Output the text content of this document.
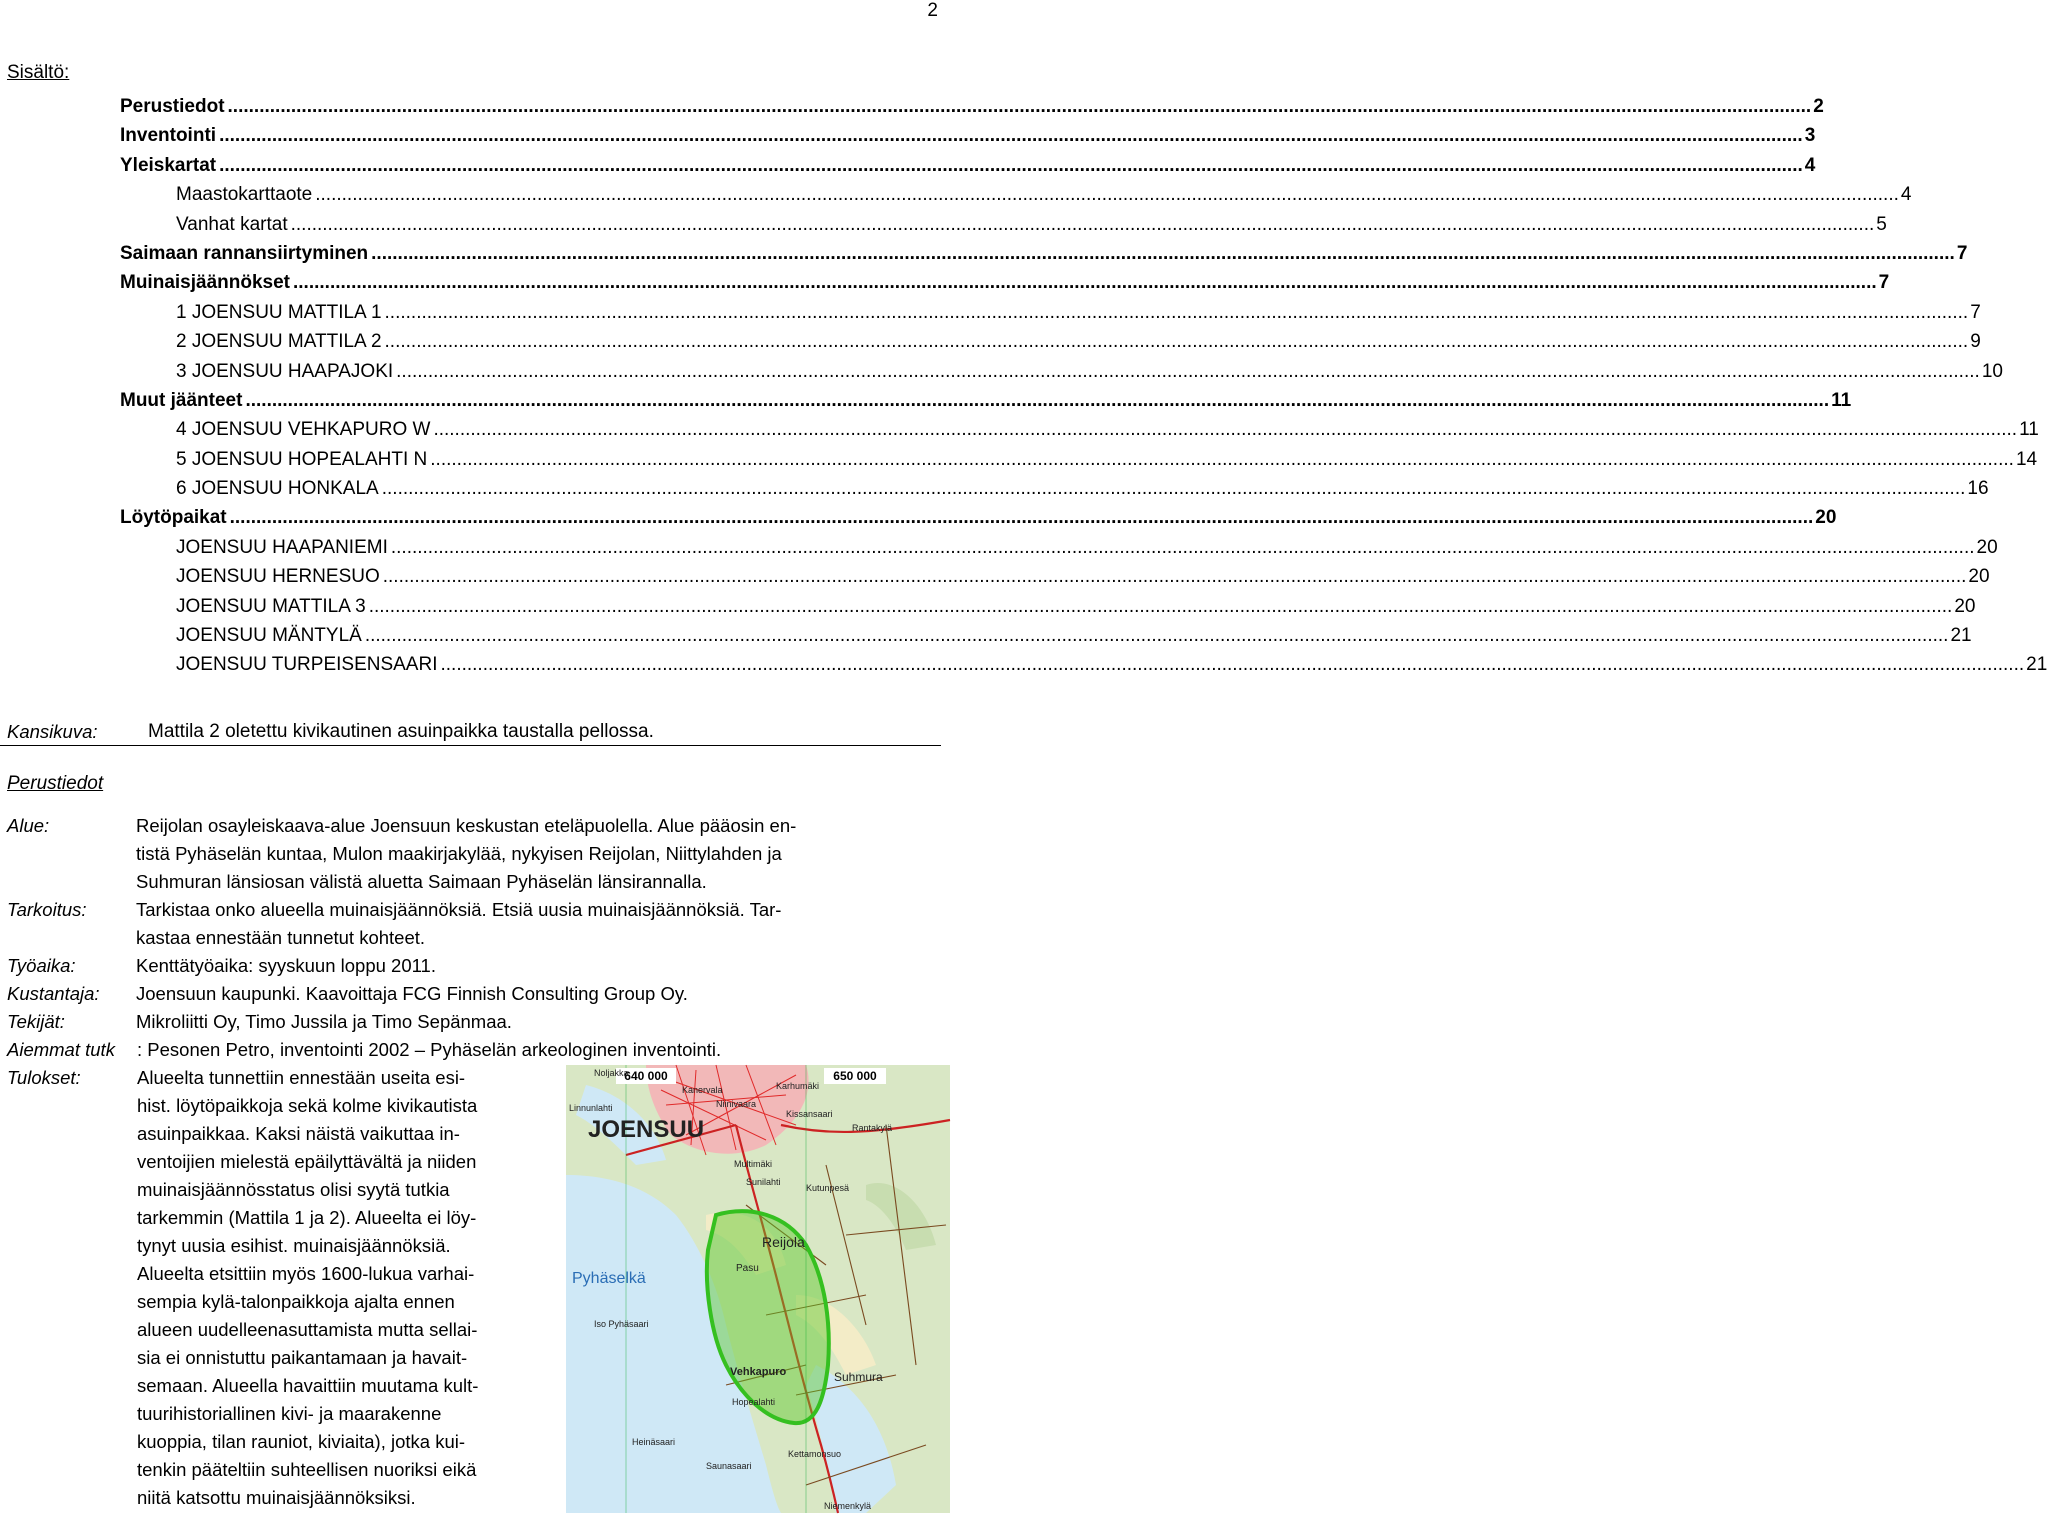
2
Sisältö:
Perustiedot ............................................................................................................................................................................................................................................................................................................ 2
Inventointi ............................................................................................................................................................................................................................................................................................................ 3
Yleiskartat ............................................................................................................................................................................................................................................................................................................ 4
Maastokarttaote ............................................................................................................................................................................................................................................................................................................ 4
Vanhat kartat ............................................................................................................................................................................................................................................................................................................ 5
Saimaan rannansiirtyminen ............................................................................................................................................................................................................................................................................................................ 7
Muinaisjäännökset ............................................................................................................................................................................................................................................................................................................ 7
1 JOENSUU MATTILA 1 ............................................................................................................................................................................................................................................................................................................ 7
2 JOENSUU MATTILA 2 ............................................................................................................................................................................................................................................................................................................ 9
3 JOENSUU HAAPAJOKI ............................................................................................................................................................................................................................................................................................................ 10
Muut jäänteet ............................................................................................................................................................................................................................................................................................................ 11
4 JOENSUU VEHKAPURO W ............................................................................................................................................................................................................................................................................................................ 11
5 JOENSUU HOPEALAHTI N ............................................................................................................................................................................................................................................................................................................ 14
6 JOENSUU HONKALA ............................................................................................................................................................................................................................................................................................................ 16
Löytöpaikat ............................................................................................................................................................................................................................................................................................................ 20
JOENSUU HAAPANIEMI ............................................................................................................................................................................................................................................................................................................ 20
JOENSUU HERNESUO ............................................................................................................................................................................................................................................................................................................ 20
JOENSUU MATTILA 3 ............................................................................................................................................................................................................................................................................................................ 20
JOENSUU MÄNTYLÄ ............................................................................................................................................................................................................................................................................................................ 21
JOENSUU TURPEISENSAARI ............................................................................................................................................................................................................................................................................................................ 21
Kansikuva:	Mattila 2 oletettu kivikautinen asuinpaikka taustalla pellossa.
Perustiedot
Alue:	Reijolan osayleiskaava-alue Joensuun keskustan eteläpuolella. Alue pääosin en-
tistä Pyhäselän kuntaa, Mulon maakirjakylää, nykyisen Reijolan, Niittylahden ja
Suhmuran länsiosan välistä aluetta Saimaan Pyhäselän länsirannalla.
Tarkoitus:	Tarkistaa onko alueella muinaisjäännöksiä. Etsiä uusia muinaisjäännöksiä. Tar-
kastaa ennestään tunnetut kohteet.
Työaika:	Kenttätyöaika: syyskuun loppu 2011.
Kustantaja: Joensuun kaupunki. Kaavoittaja FCG Finnish Consulting Group Oy.
Tekijät:	Mikroliitti Oy, Timo Jussila ja Timo Sepänmaa.
Aiemmat tutk : Pesonen Petro, inventointi 2002 – Pyhäselän arkeologinen inventointi.
Tulokset:	Alueelta tunnettiin ennestään useita esi-
hist. löytöpaikkoja sekä kolme kivikautista
asuinpaikkaa. Kaksi näistä vaikuttaa in-
ventoijien mielestä epäilyttävältä ja niiden
muinaisjäännösstatus olisi syytä tutkia
tarkemmin (Mattila 1 ja 2). Alueelta ei löy-
tynyt uusia esihist. muinaisjäännöksiä.
Alueelta etsittiin myös 1600-lukua varhai-
sempia kylä-talonpaikkoja ajalta ennen
alueen uudelleenasuttamista mutta sellai-
sia ei onnistuttu paikantamaan ja havait-
semaan. Alueella havaittiin muutama kult-
tuurihistoriallinen kivi- ja maarakenne
kuoppia, tilan rauniot, kiviaita), jotka kui-
tenkin pääteltiin suhteellisen nuoriksi eikä
niitä katsottu muinaisjäännöksiksi.
640 000	650 000
JOENSUU
Linnunlahti
Noljakka
Kanervala	Karhumäki
Niinivaara
Kissansaari
Rantakylä
Multimäki
Sunilahti
Kutunpesä
Pyhäselkä
Iso Pyhäsaari
Reijola
Pasu
Vehkapuro
Hopealahti
Suhmura
Heinäsaari
Saunasaari
Kettamonsuo
Niemenkylä
